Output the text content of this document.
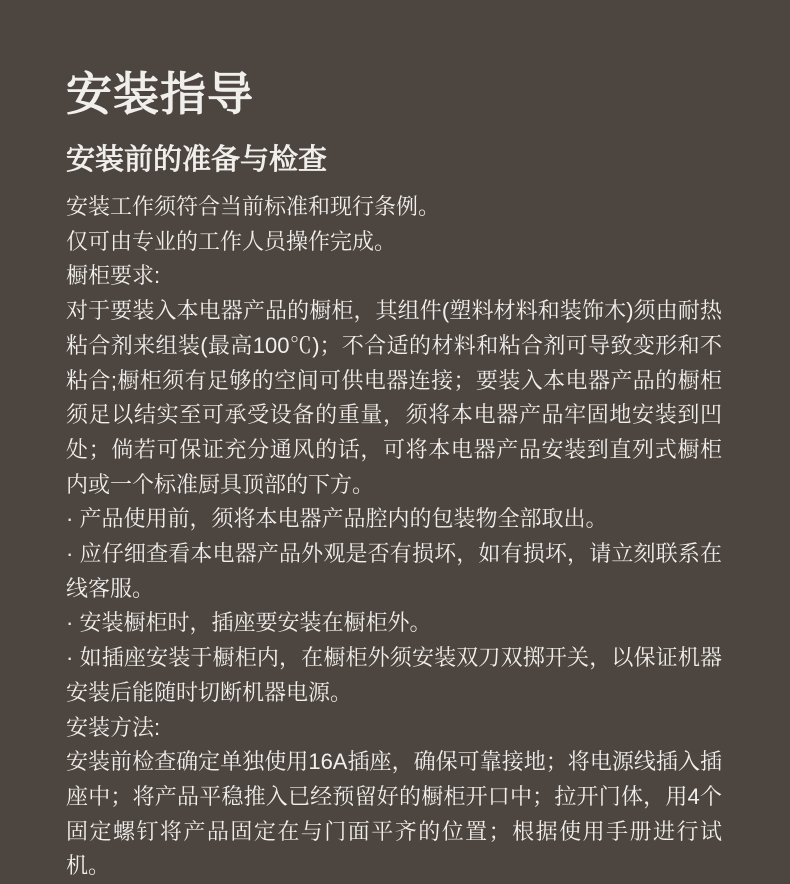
安装指导
安装前的准备与检查

安装工作须符合当前标准和现行条例。

仅可由专业的工作人员操作完成。

橱柜要求:

对于要装入本电器产品的橱柜，其组件(塑料材料和装饰木)须由耐热粘合剂来组装(最高100℃)；不合适的材料和粘合剂可导致变形和不粘合;橱柜须有足够的空间可供电器连接；要装入本电器产品的橱柜须足以结实至可承受设备的重量，须将本电器产品牢固地安装到凹处；倘若可保证充分通风的话，可将本电器产品安装到直列式橱柜内或一个标准厨具顶部的下方。

· 产品使用前，须将本电器产品腔内的包装物全部取出。

· 应仔细查看本电器产品外观是否有损坏，如有损坏，请立刻联系在线客服。

· 安装橱柜时，插座要安装在橱柜外。

· 如插座安装于橱柜内，在橱柜外须安装双刀双掷开关，以保证机器安装后能随时切断机器电源。

安装方法:

安装前检查确定单独使用16A插座，确保可靠接地；将电源线插入插座中；将产品平稳推入已经预留好的橱柜开口中；拉开门体，用4个固定螺钉将产品固定在与门面平齐的位置；根据使用手册进行试机。
